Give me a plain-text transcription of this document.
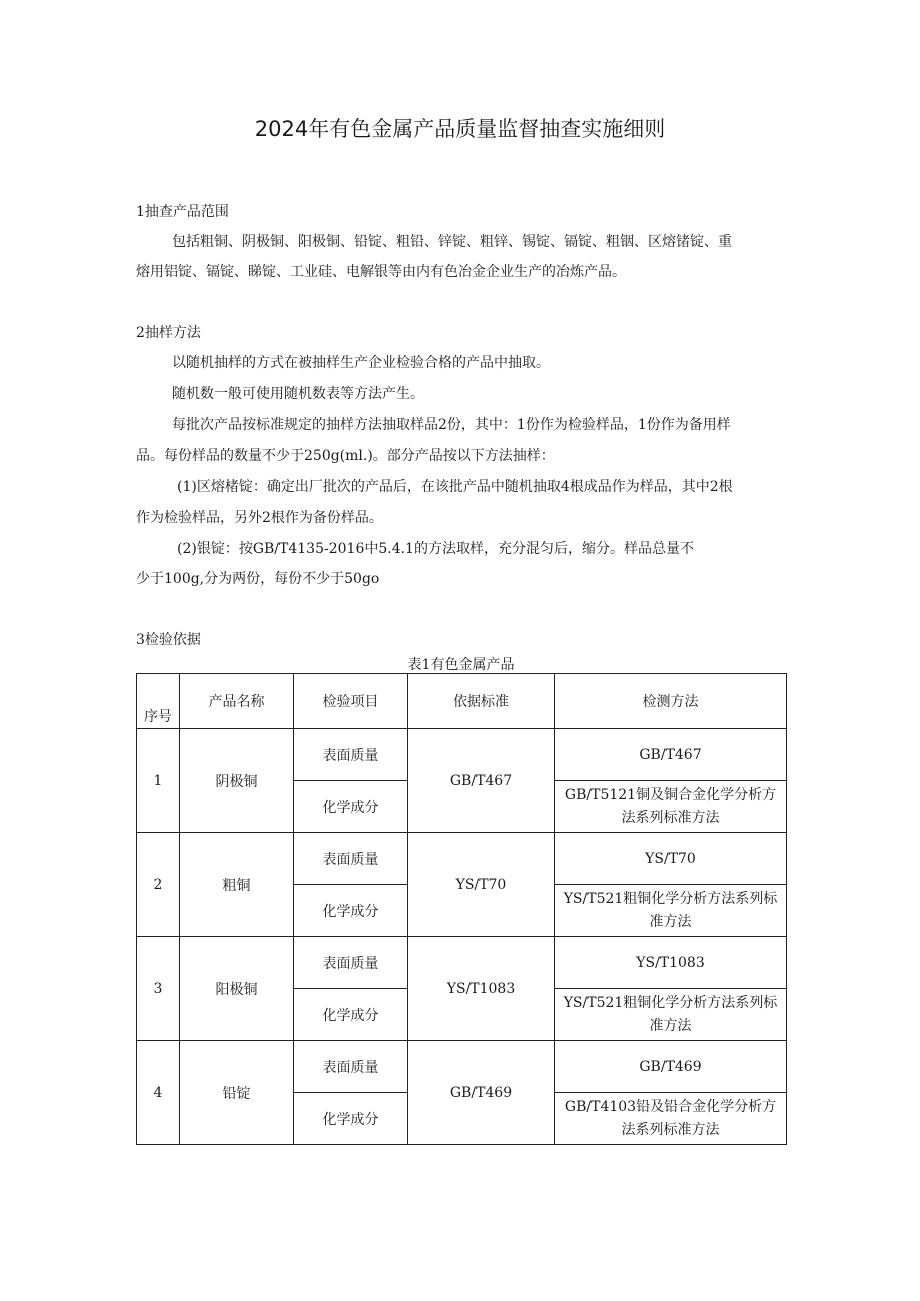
2024年有色金属产品质量监督抽查实施细则
1抽查产品范围
包括粗铜、阴极铜、阳极铜、铅锭、粗铅、锌锭、粗锌、锡锭、镉锭、粗铟、区熔锗锭、重
熔用铝锭、镉锭、睇锭、工业硅、电解银等由内有色冶金企业生产的冶炼产品。
2抽样方法
以随机抽样的方式在被抽样生产企业检验合格的产品中抽取。
随机数一般可使用随机数表等方法产生。
每批次产品按标准规定的抽样方法抽取样品2份，其中：1份作为检验样品，1份作为备用样
品。每份样品的数量不少于250g(ml.)。部分产品按以下方法抽样：
(1)区熔楮锭：确定出厂批次的产品后，在该批产品中随机抽取4根成品作为样品，其中2根
作为检验样品，另外2根作为备份样品。
(2)银锭：按GB/T4135-2016中5.4.1的方法取样，充分混匀后，缩分。样品总量不
少于100g,分为两份，每份不少于50go
3检验依据
表1有色金属产品
序号	产品名称	检验项目	依据标准	检测方法
1	阴极铜	表面质量	GB/T467	GB/T467
		化学成分		GB/T5121铜及铜合金化学分析方
法系列标准方法
2	粗铜	表面质量	YS/T70	YS/T70
		化学成分		YS/T521粗铜化学分析方法系列标
准方法
3	阳极铜	表面质量	YS/T1083	YS/T1083
		化学成分		YS/T521粗铜化学分析方法系列标
准方法
4	铅锭	表面质量	GB/T469	GB/T469
		化学成分		GB/T4103铅及铅合金化学分析方
法系列标准方法
